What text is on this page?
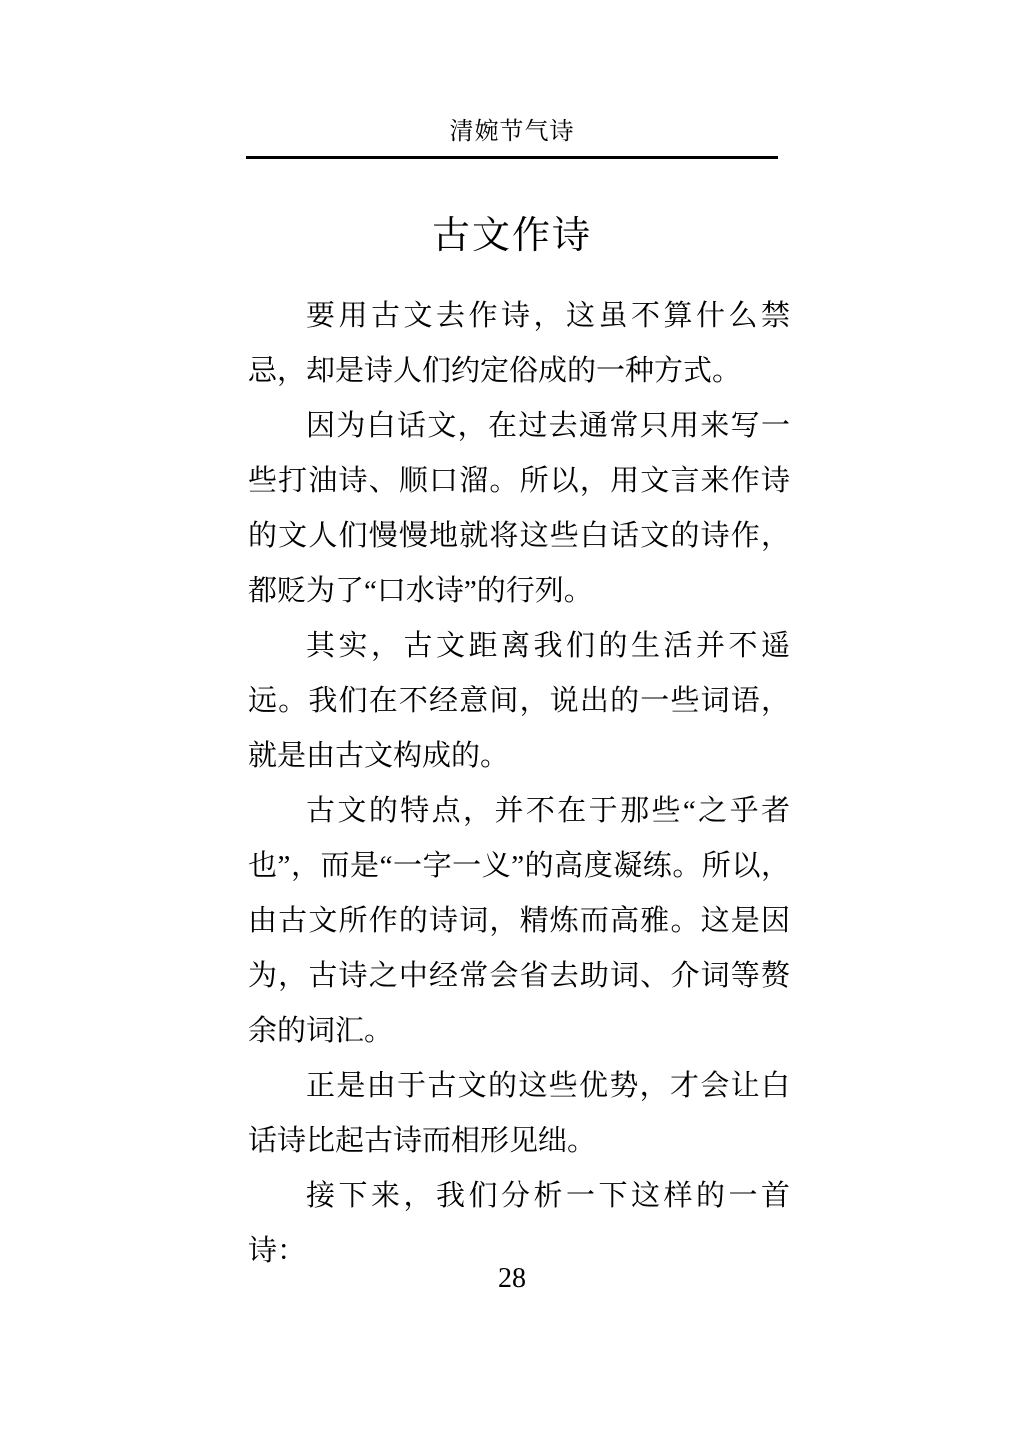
清婉节气诗
古文作诗

要用古文去作诗，这虽不算什么禁忌，却是诗人们约定俗成的一种方式。

因为白话文，在过去通常只用来写一些打油诗、顺口溜。所以，用文言来作诗的文人们慢慢地就将这些白话文的诗作，都贬为了“口水诗”的行列。

其实，古文距离我们的生活并不遥远。我们在不经意间，说出的一些词语，就是由古文构成的。

古文的特点，并不在于那些“之乎者也”，而是“一字一义”的高度凝练。所以，由古文所作的诗词，精炼而高雅。这是因为，古诗之中经常会省去助词、介词等赘余的词汇。

正是由于古文的这些优势，才会让白话诗比起古诗而相形见绌。

接下来，我们分析一下这样的一首诗：

28
